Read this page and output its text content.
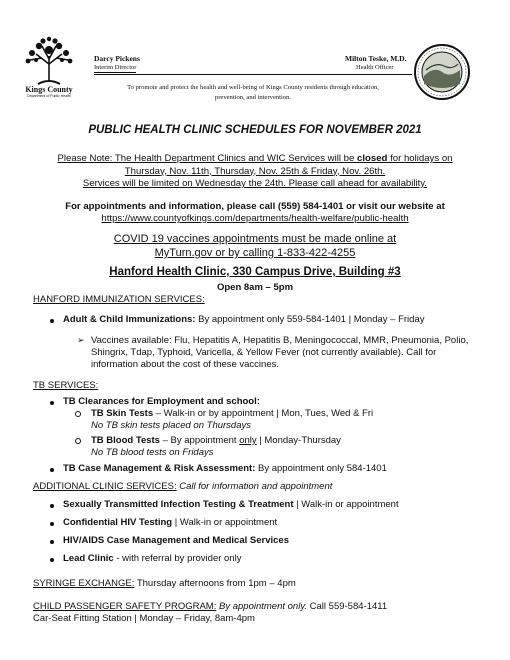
Kings County
Department of Public Health
Darcy Pickens
Interim Director
Milton Teske, M.D.
Health Officer
To promote and protect the health and well-being of Kings County residents through education,
prevention, and intervention.
PUBLIC HEALTH CLINIC SCHEDULES FOR NOVEMBER 2021
Please Note: The Health Department Clinics and WIC Services will be closed for holidays on
Thursday, Nov. 11th, Thursday, Nov. 25th & Friday, Nov. 26th.
Services will be limited on Wednesday the 24th. Please call ahead for availability.
For appointments and information, please call (559) 584-1401 or visit our website at
https://www.countyofkings.com/departments/health-welfare/public-health
COVID 19 vaccines appointments must be made online at
MyTurn.gov or by calling 1-833-422-4255
Hanford Health Clinic, 330 Campus Drive, Building #3
Open 8am – 5pm
HANFORD IMMUNIZATION SERVICES:
Adult & Child Immunizations: By appointment only 559-584-1401 | Monday – Friday
➢ Vaccines available: Flu, Hepatitis A, Hepatitis B, Meningococcal, MMR, Pneumonia, Polio, Shingrix, Tdap, Typhoid, Varicella, & Yellow Fever (not currently available). Call for information about the cost of these vaccines.
TB SERVICES:
TB Clearances for Employment and school:
TB Skin Tests – Walk-in or by appointment | Mon, Tues, Wed & Fri
No TB skin tests placed on Thursdays
TB Blood Tests – By appointment only | Monday-Thursday
No TB blood tests on Fridays
TB Case Management & Risk Assessment: By appointment only 584-1401
ADDITIONAL CLINIC SERVICES: Call for information and appointment
Sexually Transmitted Infection Testing & Treatment | Walk-in or appointment
Confidential HIV Testing | Walk-in or appointment
HIV/AIDS Case Management and Medical Services
Lead Clinic - with referral by provider only
SYRINGE EXCHANGE: Thursday afternoons from 1pm – 4pm
CHILD PASSENGER SAFETY PROGRAM: By appointment only. Call 559-584-1411
Car-Seat Fitting Station | Monday – Friday, 8am-4pm
